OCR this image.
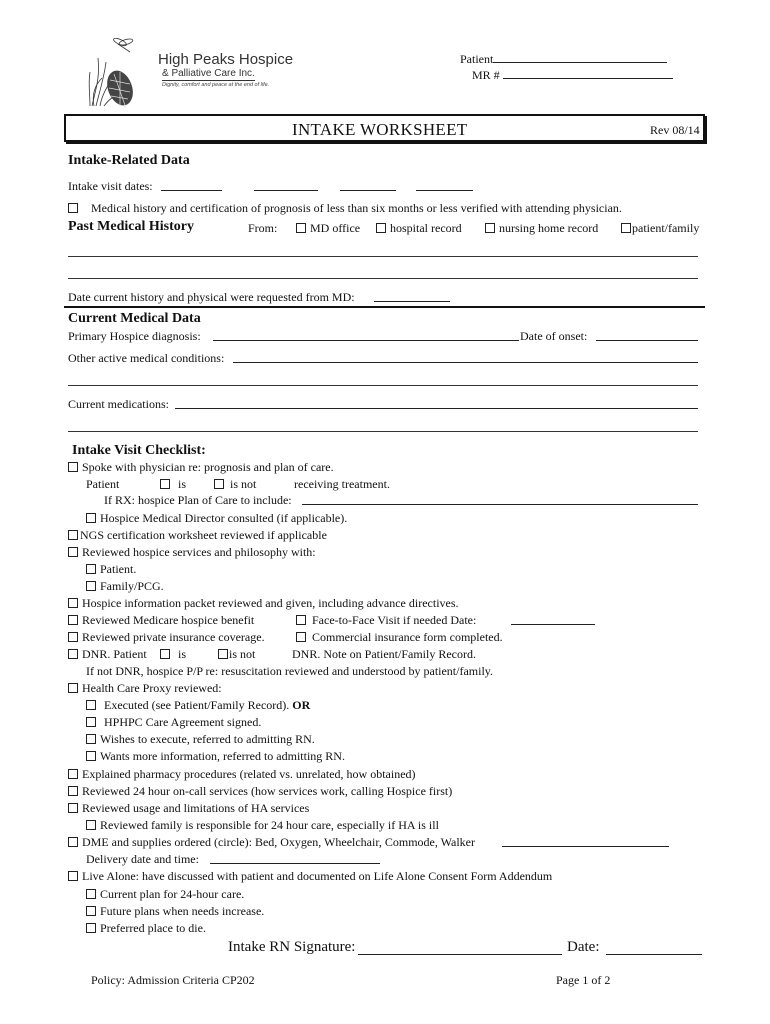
High Peaks Hospice
& Palliative Care Inc.
Dignity, comfort and peace at the end of life.
Patient
MR #
INTAKE WORKSHEET	Rev 08/14
Intake-Related Data
Intake visit dates:
Medical history and certification of prognosis of less than six months or less verified with attending physician.
Past Medical History	From:	MD office	hospital record	nursing home record	patient/family
Date current history and physical were requested from MD:
Current Medical Data
Primary Hospice diagnosis:	Date of onset:
Other active medical conditions:
Current medications:
Intake Visit Checklist:
Spoke with physician re: prognosis and plan of care.
Patient	is	is not	receiving treatment.
If RX: hospice Plan of Care to include:
Hospice Medical Director consulted (if applicable).
NGS certification worksheet reviewed if applicable
Reviewed hospice services and philosophy with:
Patient.
Family/PCG.
Hospice information packet reviewed and given, including advance directives.
Reviewed Medicare hospice benefit	Face-to-Face Visit if needed Date:
Reviewed private insurance coverage.	Commercial insurance form completed.
DNR. Patient	is	is not	DNR. Note on Patient/Family Record.
If not DNR, hospice P/P re: resuscitation reviewed and understood by patient/family.
Health Care Proxy reviewed:
Executed (see Patient/Family Record). OR
HPHPC Care Agreement signed.
Wishes to execute, referred to admitting RN.
Wants more information, referred to admitting RN.
Explained pharmacy procedures (related vs. unrelated, how obtained)
Reviewed 24 hour on-call services (how services work, calling Hospice first)
Reviewed usage and limitations of HA services
Reviewed family is responsible for 24 hour care, especially if HA is ill
DME and supplies ordered (circle): Bed, Oxygen, Wheelchair, Commode, Walker
Delivery date and time:
Live Alone: have discussed with patient and documented on Life Alone Consent Form Addendum
Current plan for 24-hour care.
Future plans when needs increase.
Preferred place to die.
Intake RN Signature:	Date:
Policy: Admission Criteria CP202	Page 1 of 2
